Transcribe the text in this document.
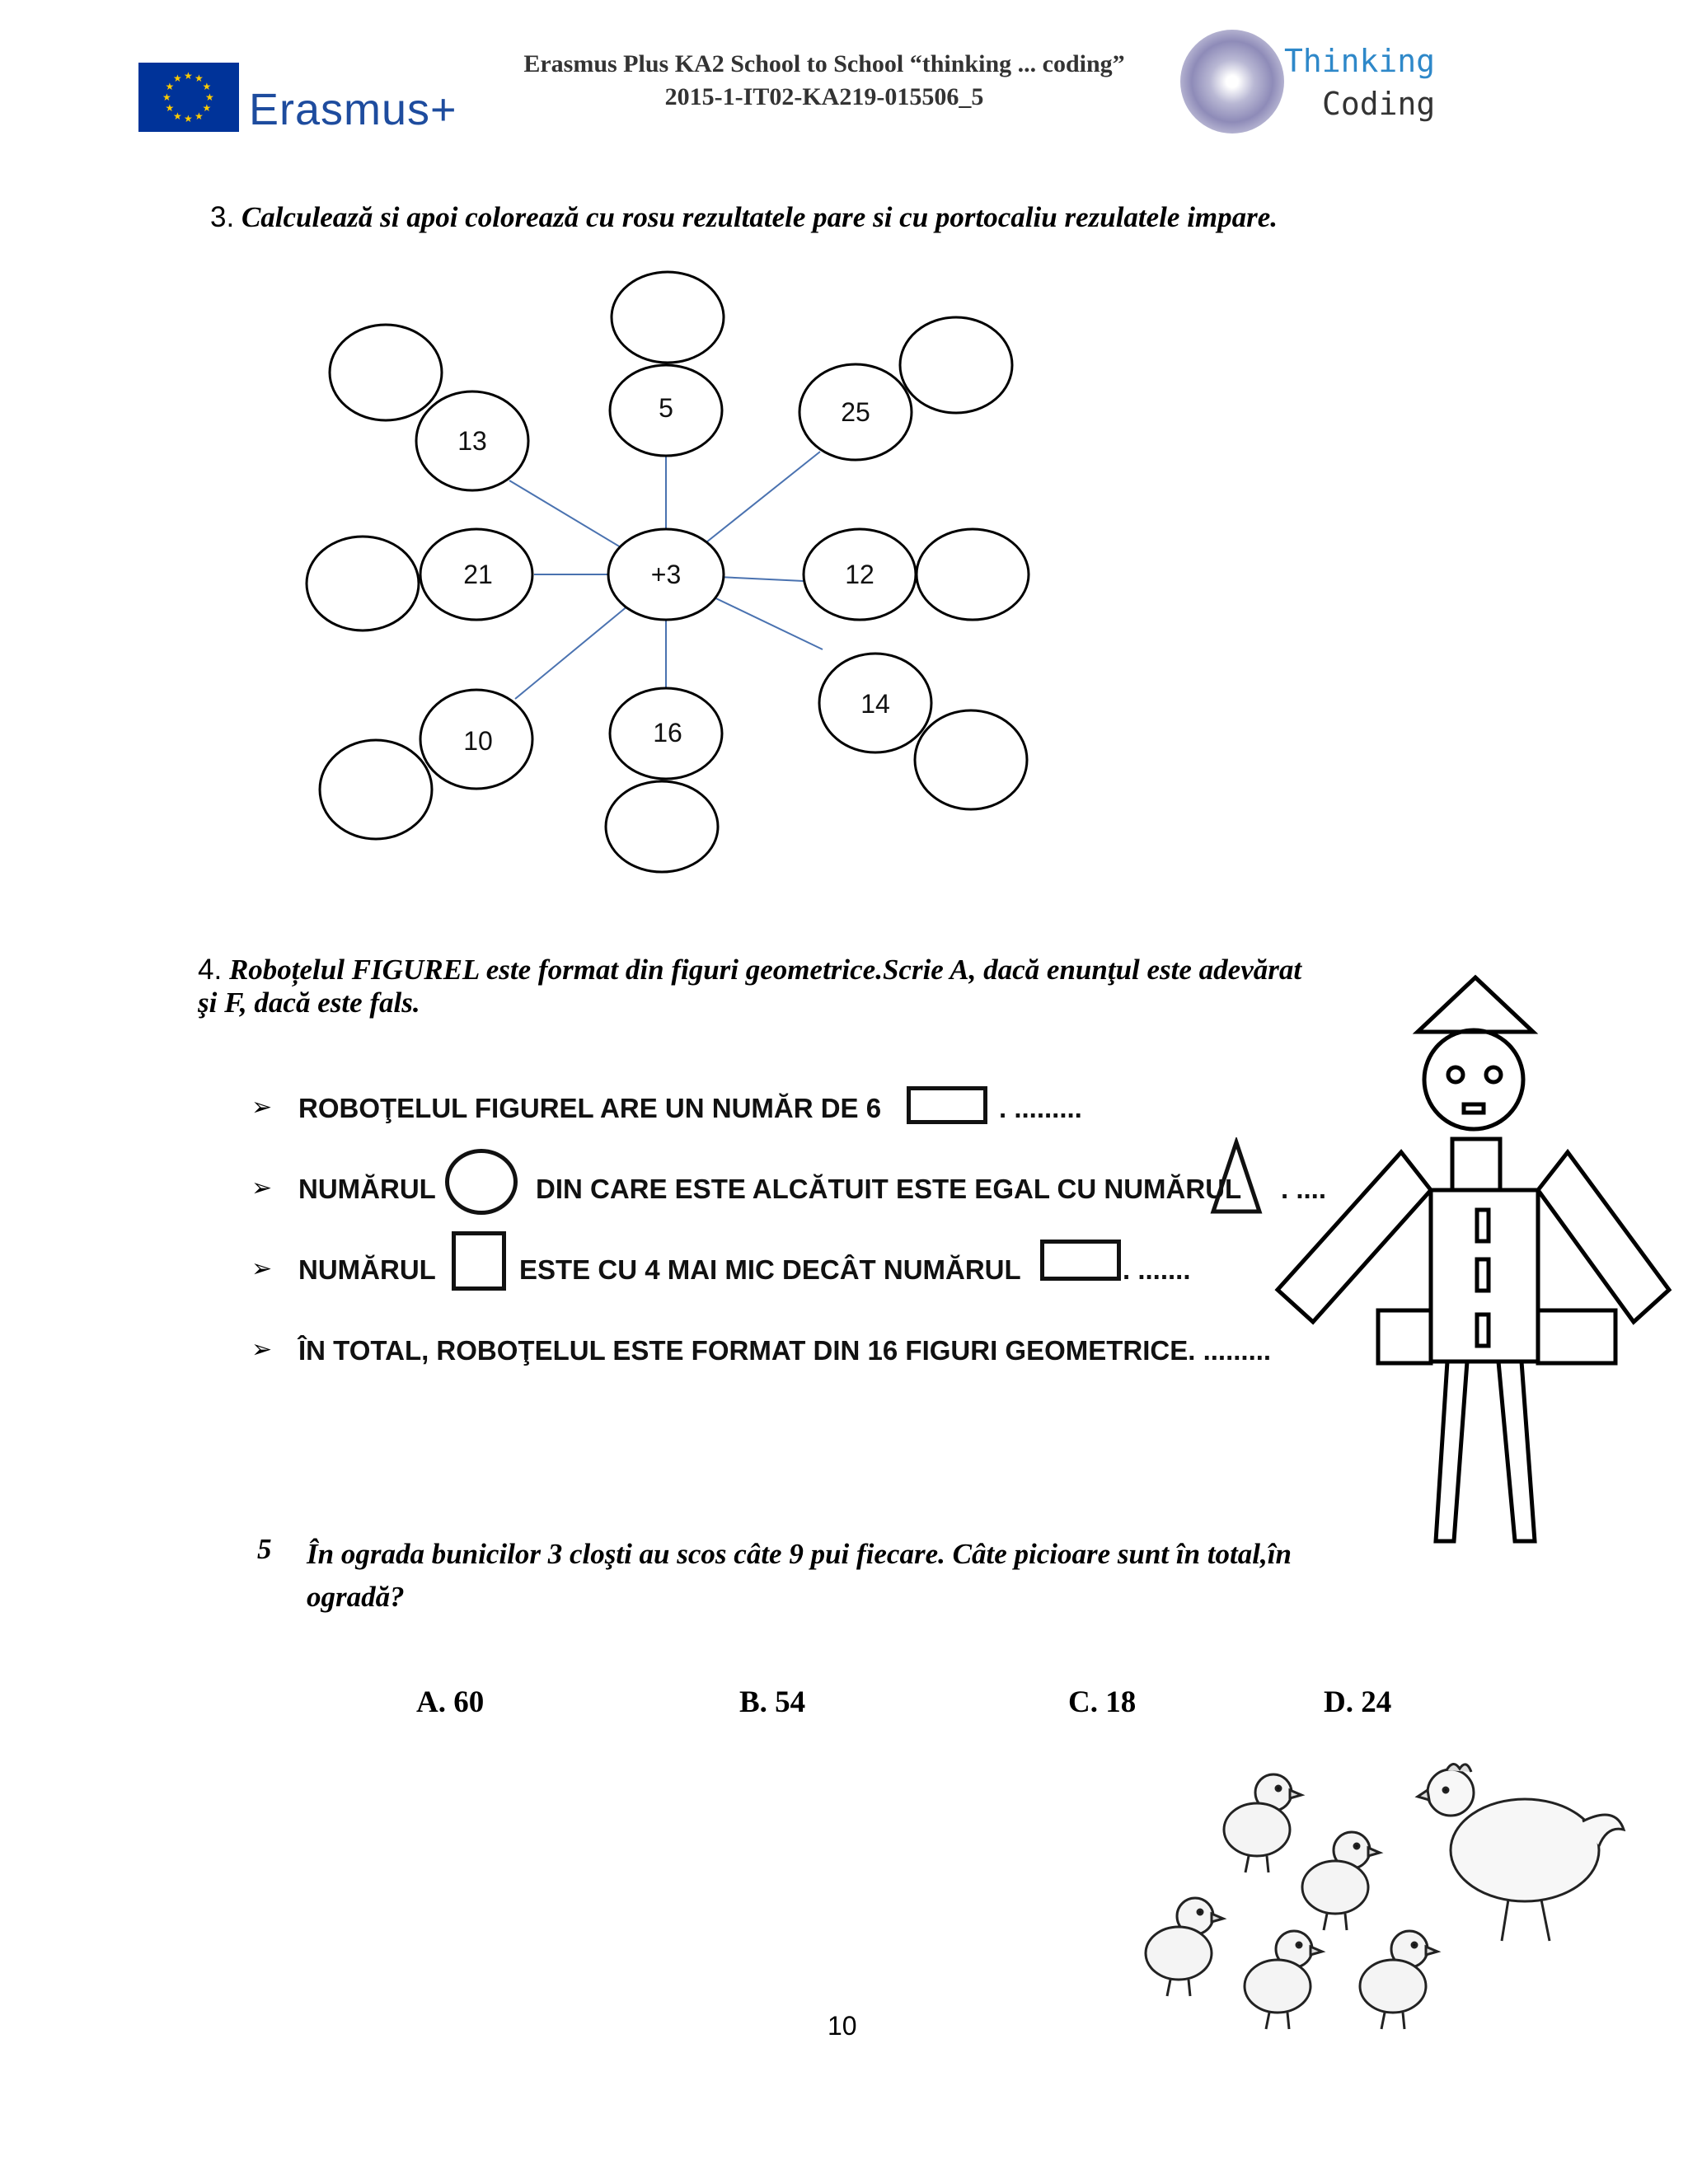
★
★
★
★
★
★
★
★
★ ★ ★
★ Erasmus+
Erasmus Plus KA2 School to School “thinking ... coding”
2015-1-IT02-KA219-015506_5
Thinking
Coding
3. Calculează si apoi colorează cu rosu rezultatele pare si cu portocaliu rezulatele impare.
+3
13
5	25
21	12
10	16
14
4. Roboțelul FIGUREL este format din figuri geometrice.Scrie A, dacă enunţul este adevărat
şi F, dacă este fals.
➢ ROBOŢELUL FIGUREL ARE UN NUMĂR DE 6	. .........
➢ NUMĂRUL	DIN CARE ESTE ALCĂTUIT ESTE EGAL CU NUMĂRUL . ....
➢ NUMĂRUL	ESTE CU 4 MAI MIC DECÂT NUMĂRUL	. .......
➢ ÎN TOTAL, ROBOŢELUL ESTE FORMAT DIN 16 FIGURI GEOMETRICE. .........
5 În ograda bunicilor 3 cloşti au scos câte 9 pui fiecare. Câte picioare sunt în total,în
ogradă?
A. 60	B. 54	C. 18	D. 24
10
